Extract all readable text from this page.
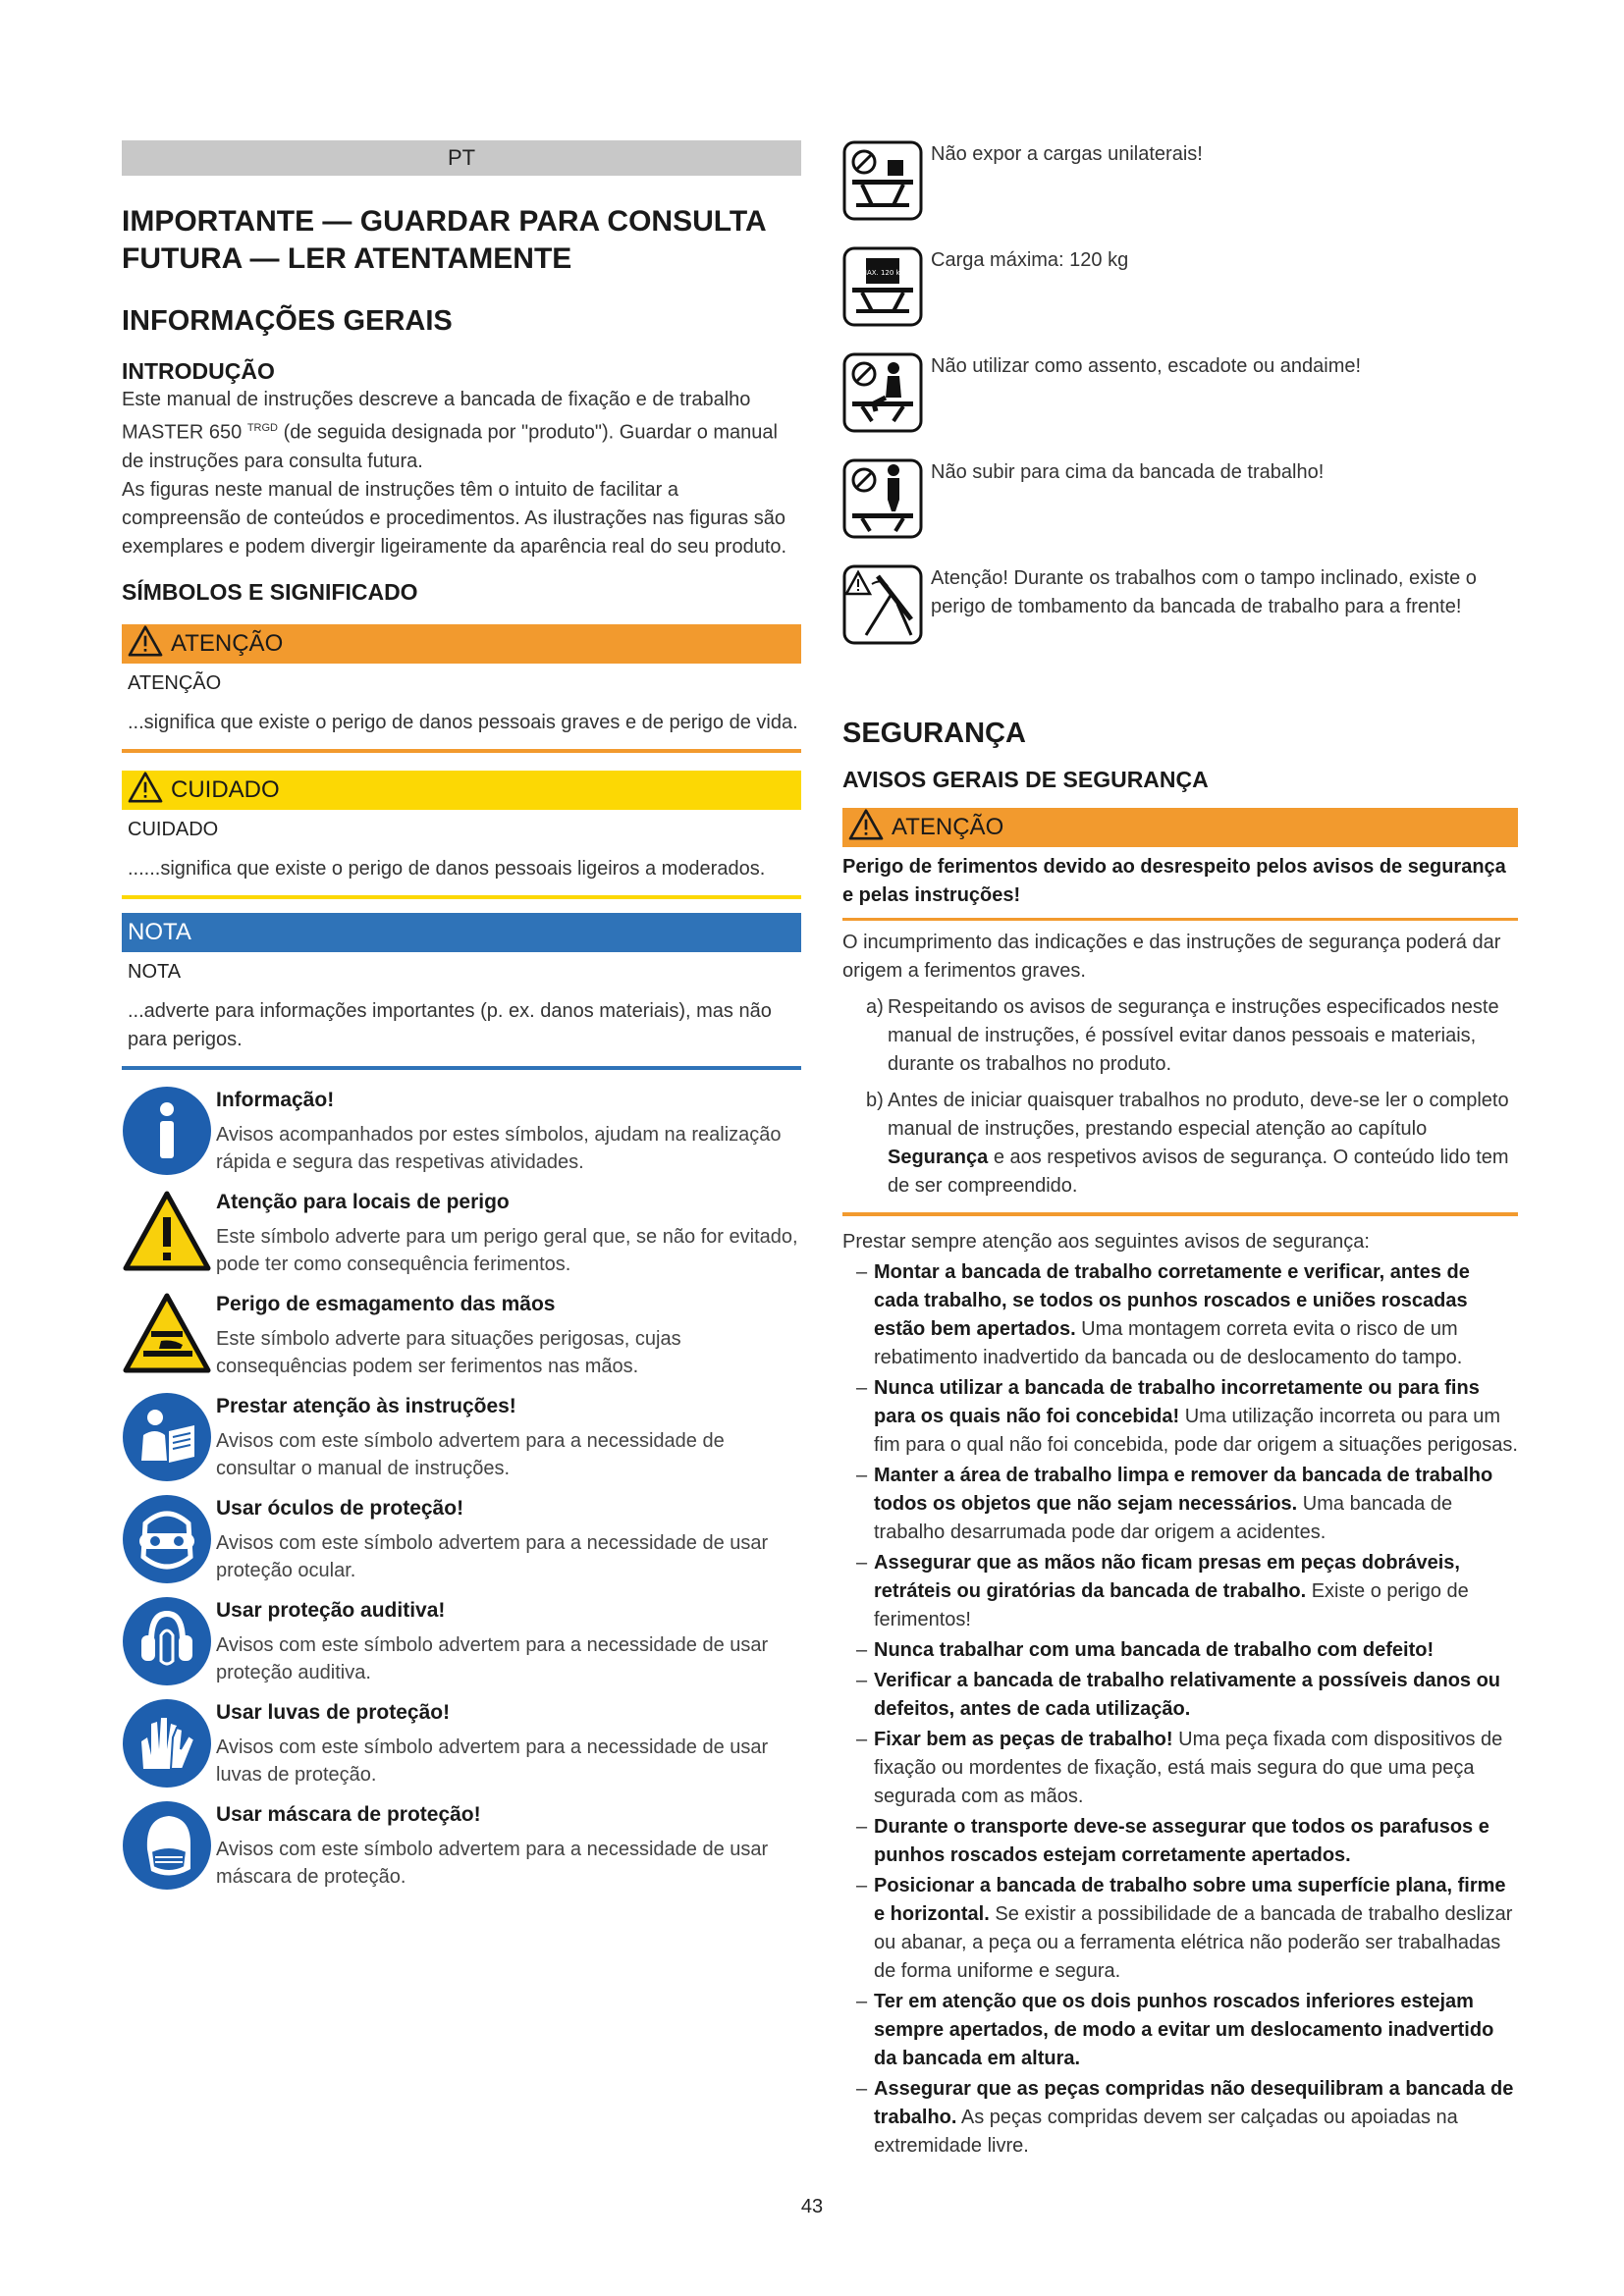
PT
IMPORTANTE — GUARDAR PARA CONSULTA FUTURA — LER ATENTAMENTE
INFORMAÇÕES GERAIS
INTRODUÇÃO

Este manual de instruções descreve a bancada de fixação e de trabalho MASTER 650 $^{TRGD}$ (de seguida designada por "produto"). Guardar o manual de instruções para consulta futura.

As figuras neste manual de instruções têm o intuito de facilitar a compreensão de conteúdos e procedimentos. As ilustrações nas figuras são exemplares e podem divergir ligeiramente da aparência real do seu produto.

SÍMBOLOS E SIGNIFICADO
ATENÇÃO
ATENÇÃO
...significa que existe o perigo de danos pessoais graves e de perigo de vida.
CUIDADO
CUIDADO
......significa que existe o perigo de danos pessoais ligeiros a moderados.
NOTA
NOTA
...adverte para informações importantes (p. ex. danos materiais), mas não para perigos.
Informação!
Avisos acompanhados por estes símbolos, ajudam na realização rápida e segura das respetivas atividades.
Atenção para locais de perigo
Este símbolo adverte para um perigo geral que, se não for evitado, pode ter como consequência ferimentos.
Perigo de esmagamento das mãos
Este símbolo adverte para situações perigosas, cujas consequências podem ser ferimentos nas mãos.
Prestar atenção às instruções!
Avisos com este símbolo advertem para a necessidade de consultar o manual de instruções.
Usar óculos de proteção!
Avisos com este símbolo advertem para a necessidade de usar proteção ocular.
Usar proteção auditiva!
Avisos com este símbolo advertem para a necessidade de usar proteção auditiva.
Usar luvas de proteção!
Avisos com este símbolo advertem para a necessidade de usar luvas de proteção.
Usar máscara de proteção!
Avisos com este símbolo advertem para a necessidade de usar máscara de proteção.
Não expor a cargas unilaterais!
MAX. 120 kg
Carga máxima: 120 kg
Não utilizar como assento, escadote ou andaime!
Não subir para cima da bancada de trabalho!
Atenção! Durante os trabalhos com o tampo inclinado, existe o perigo de tombamento da bancada de trabalho para a frente!
SEGURANÇA
AVISOS GERAIS DE SEGURANÇA
ATENÇÃO

Perigo de ferimentos devido ao desrespeito pelos avisos de segurança e pelas instruções!

O incumprimento das indicações e das instruções de segurança poderá dar origem a ferimentos graves.

a) Respeitando os avisos de segurança e instruções especificados neste manual de instruções, é possível evitar danos pessoais e materiais, durante os trabalhos no produto.
b) Antes de iniciar quaisquer trabalhos no produto, deve-se ler o completo manual de instruções, prestando especial atenção ao capítulo Segurança e aos respetivos avisos de segurança. O conteúdo lido tem de ser compreendido.

Prestar sempre atenção aos seguintes avisos de segurança:

– Montar a bancada de trabalho corretamente e verificar, antes de cada trabalho, se todos os punhos roscados e uniões roscadas estão bem apertados. Uma montagem correta evita o risco de um rebatimento inadvertido da bancada ou de deslocamento do tampo.
– Nunca utilizar a bancada de trabalho incorretamente ou para fins para os quais não foi concebida! Uma utilização incorreta ou para um fim para o qual não foi concebida, pode dar origem a situações perigosas.
– Manter a área de trabalho limpa e remover da bancada de trabalho todos os objetos que não sejam necessários. Uma bancada de trabalho desarrumada pode dar origem a acidentes.
– Assegurar que as mãos não ficam presas em peças dobráveis, retráteis ou giratórias da bancada de trabalho. Existe o perigo de ferimentos!
– Nunca trabalhar com uma bancada de trabalho com defeito!
– Verificar a bancada de trabalho relativamente a possíveis danos ou defeitos, antes de cada utilização.
– Fixar bem as peças de trabalho! Uma peça fixada com dispositivos de fixação ou mordentes de fixação, está mais segura do que uma peça segurada com as mãos.
– Durante o transporte deve-se assegurar que todos os parafusos e punhos roscados estejam corretamente apertados.
– Posicionar a bancada de trabalho sobre uma superfície plana, firme e horizontal. Se existir a possibilidade de a bancada de trabalho deslizar ou abanar, a peça ou a ferramenta elétrica não poderão ser trabalhadas de forma uniforme e segura.
– Ter em atenção que os dois punhos roscados inferiores estejam sempre apertados, de modo a evitar um deslocamento inadvertido da bancada em altura.
– Assegurar que as peças compridas não desequilibram a bancada de trabalho. As peças compridas devem ser calçadas ou apoiadas na extremidade livre.
43
